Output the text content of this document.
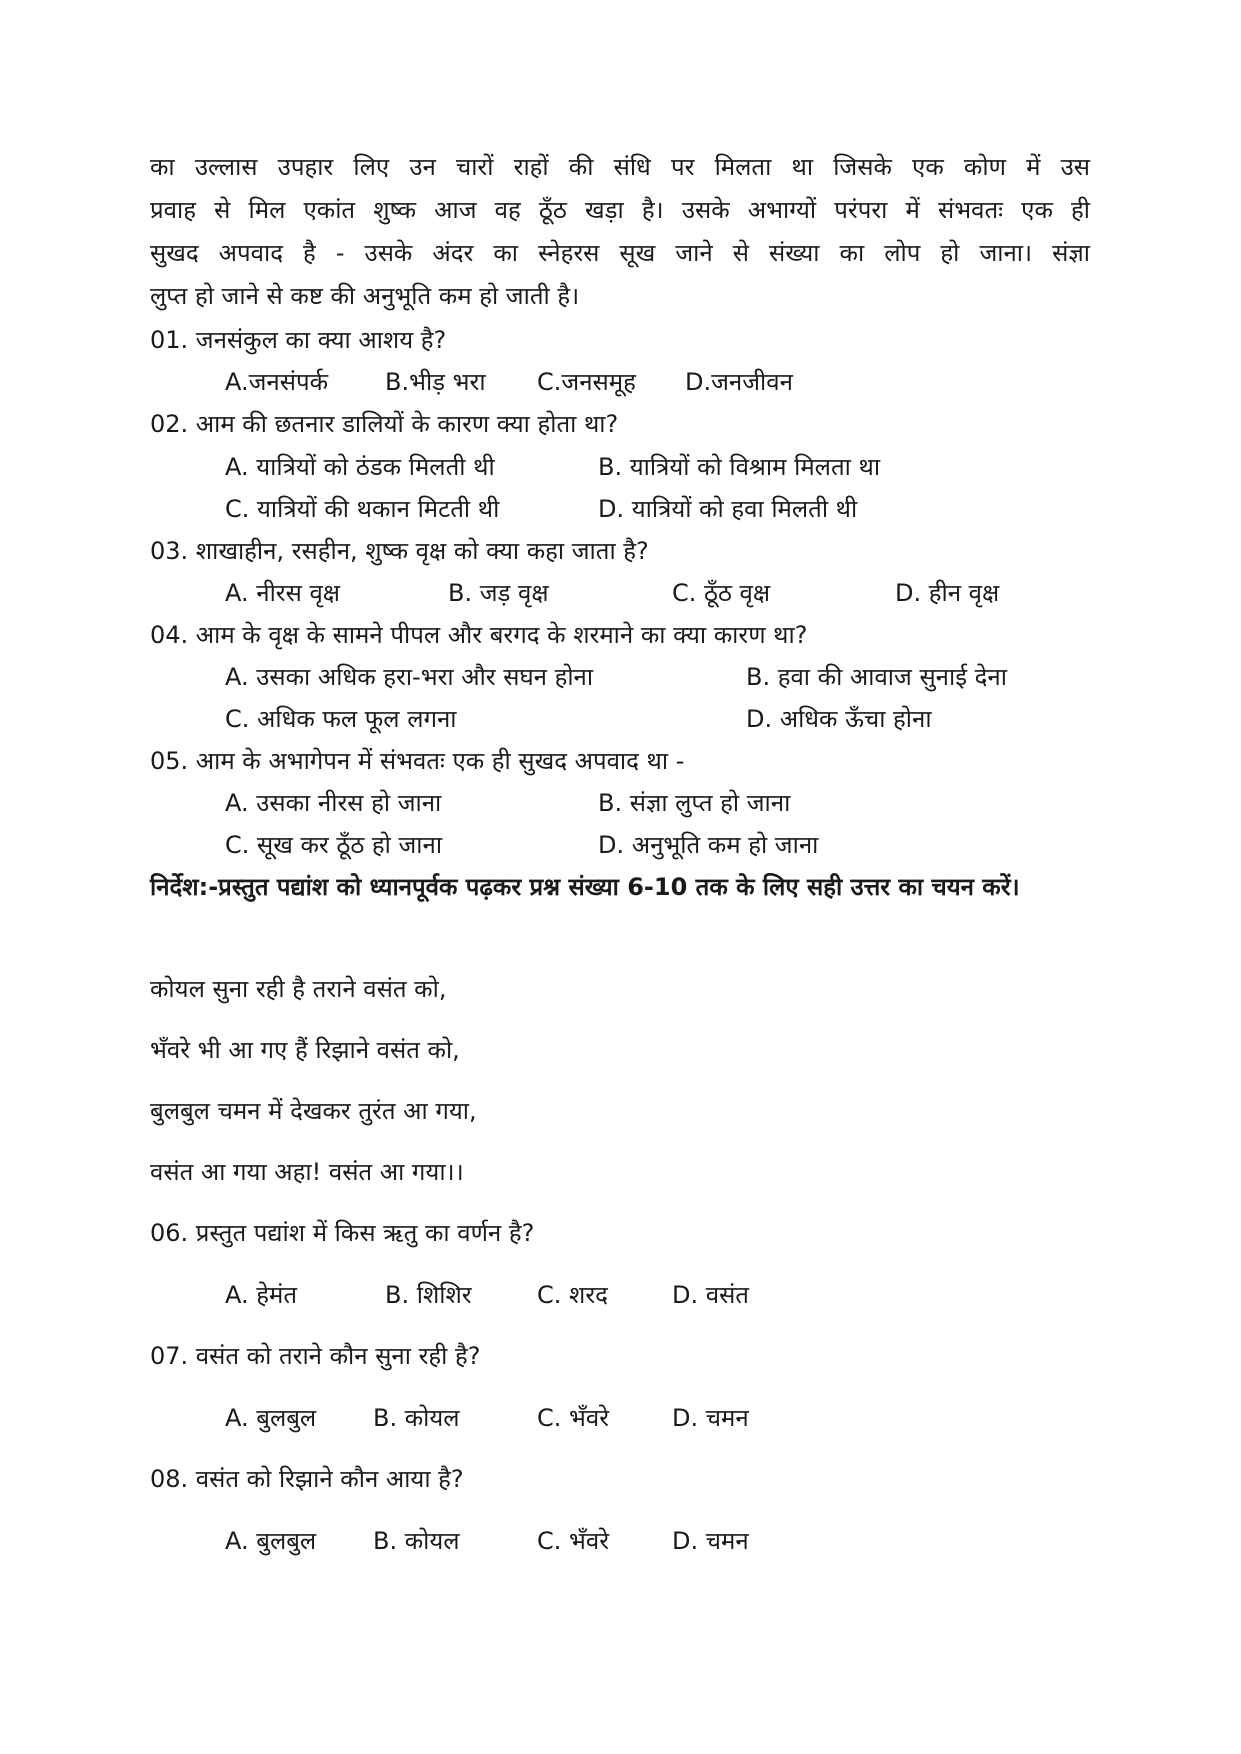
का उल्लास उपहार लिए उन चारों राहों की संधि पर मिलता था जिसके एक कोण में उस
प्रवाह से मिल एकांत शुष्क आज वह ठूँठ खड़ा है। उसके अभाग्यों परंपरा में संभवतः एक ही
सुखद अपवाद है - उसके अंदर का स्नेहरस सूख जाने से संख्या का लोप हो जाना। संज्ञा
लुप्त हो जाने से कष्ट की अनुभूति कम हो जाती है।
01. जनसंकुल का क्या आशय है?
A.जनसंपर्क B.भीड़ भरा C.जनसमूह D.जनजीवन
02. आम की छतनार डालियों के कारण क्या होता था?
A. यात्रियों को ठंडक मिलती थी	B. यात्रियों को विश्राम मिलता था
C. यात्रियों की थकान मिटती थी	D. यात्रियों को हवा मिलती थी
03. शाखाहीन, रसहीन, शुष्क वृक्ष को क्या कहा जाता है?
A. नीरस वृक्ष	B. जड़ वृक्ष	C. ठूँठ वृक्ष	D. हीन वृक्ष
04. आम के वृक्ष के सामने पीपल और बरगद के शरमाने का क्या कारण था?
A. उसका अधिक हरा-भरा और सघन होना	B. हवा की आवाज सुनाई देना
C. अधिक फल फूल लगना	D. अधिक ऊँचा होना
05. आम के अभागेपन में संभवतः एक ही सुखद अपवाद था -
A. उसका नीरस हो जाना	B. संज्ञा लुप्त हो जाना
C. सूख कर ठूँठ हो जाना	D. अनुभूति कम हो जाना
निर्देश:-प्रस्तुत पद्यांश को ध्यानपूर्वक पढ़कर प्रश्न संख्या 6-10 तक के लिए सही उत्तर का चयन करें।
कोयल सुना रही है तराने वसंत को,
भँवरे भी आ गए हैं रिझाने वसंत को,
बुलबुल चमन में देखकर तुरंत आ गया,
वसंत आ गया अहा! वसंत आ गया।।
06. प्रस्तुत पद्यांश में किस ऋतु का वर्णन है?
A. हेमंत	B. शिशिर	C. शरद	D. वसंत
07. वसंत को तराने कौन सुना रही है?
A. बुलबुल B. कोयल	C. भँवरे	D. चमन
08. वसंत को रिझाने कौन आया है?
A. बुलबुल B. कोयल	C. भँवरे	D. चमन
